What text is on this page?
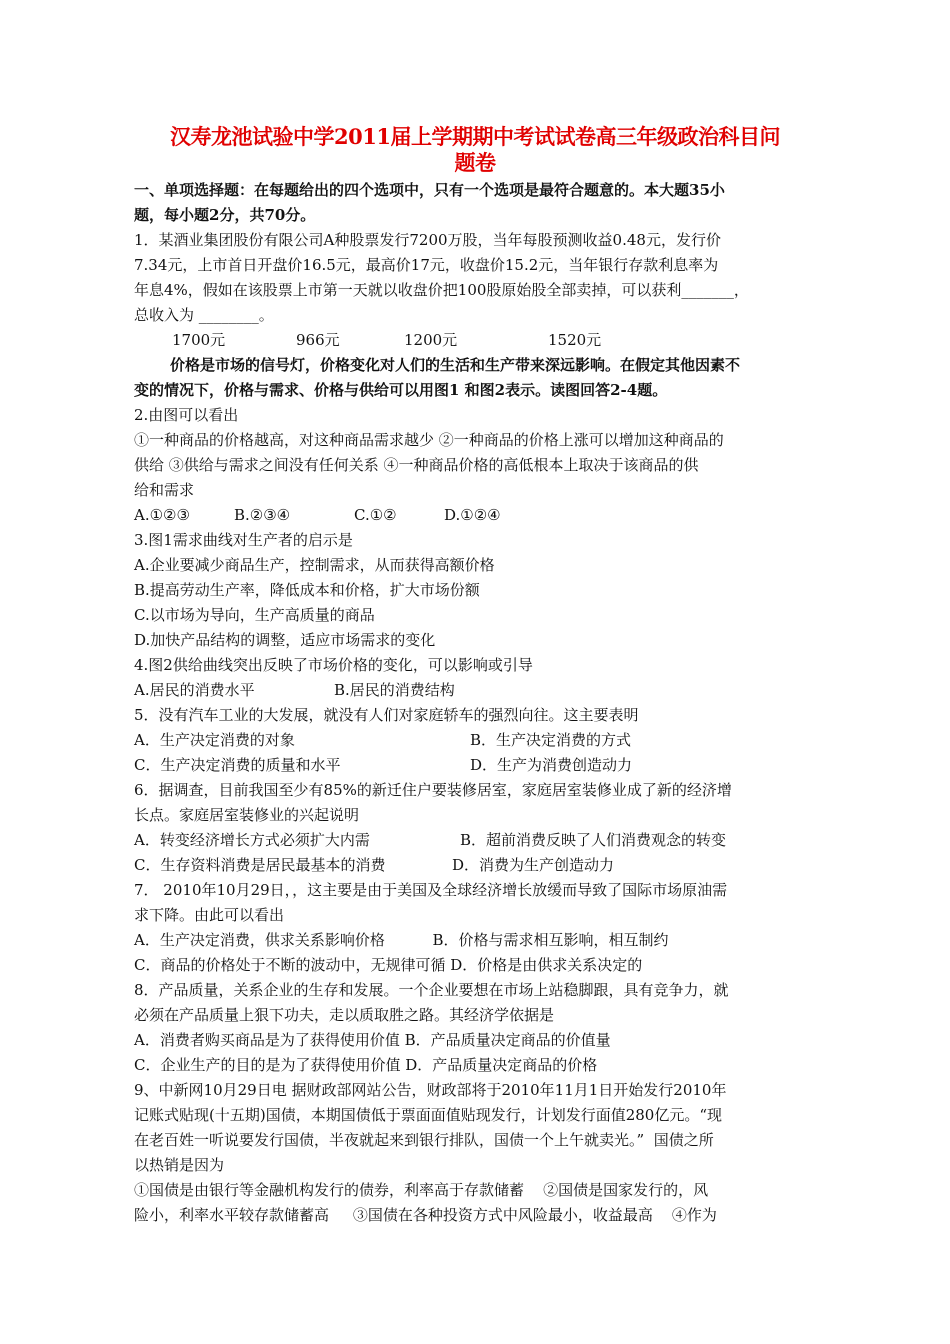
汉寿龙池试验中学2011届上学期期中考试试卷高三年级政治科目问
题卷
一、单项选择题：在每题给出的四个选项中，只有一个选项是最符合题意的。本大题35小
题，每小题2分，共70分。
1．某酒业集团股份有限公司A种股票发行7200万股，当年每股预测收益0.48元，发行价
7.34元，上市首日开盘价16.5元，最高价17元，收盘价15.2元，当年银行存款利息率为
年息4%，假如在该股票上市第一天就以收盘价把100股原始股全部卖掉，可以获利_______，
总收入为 ________。
1700元	966元	1200元	1520元
价格是市场的信号灯，价格变化对人们的生活和生产带来深远影响。在假定其他因素不
变的情况下，价格与需求、价格与供给可以用图1 和图2表示。读图回答2-4题。
2.由图可以看出
①一种商品的价格越高，对这种商品需求越少 ②一种商品的价格上涨可以增加这种商品的
供给 ③供给与需求之间没有任何关系 ④一种商品价格的高低根本上取决于该商品的供
给和需求
A.①②③	B.②③④	C.①②	D.①②④
3.图1需求曲线对生产者的启示是
A.企业要减少商品生产，控制需求，从而获得高额价格
B.提高劳动生产率，降低成本和价格，扩大市场份额
C.以市场为导向，生产高质量的商品
D.加快产品结构的调整，适应市场需求的变化
4.图2供给曲线突出反映了市场价格的变化，可以影响或引导
A.居民的消费水平	B.居民的消费结构
5．没有汽车工业的大发展，就没有人们对家庭轿车的强烈向往。这主要表明
A．生产决定消费的对象	B．生产决定消费的方式
C．生产决定消费的质量和水平	D．生产为消费创造动力
6．据调查，目前我国至少有85%的新迁住户要装修居室，家庭居室装修业成了新的经济增
长点。家庭居室装修业的兴起说明
A．转变经济增长方式必须扩大内需	B．超前消费反映了人们消费观念的转变
C．生存资料消费是居民最基本的消费	D．消费为生产创造动力
7． 2010年10月29日，，这主要是由于美国及全球经济增长放缓而导致了国际市场原油需
求下降。由此可以看出
A．生产决定消费，供求关系影响价格          B．价格与需求相互影响，相互制约
C．商品的价格处于不断的波动中，无规律可循 D．价格是由供求关系决定的
8．产品质量，关系企业的生存和发展。一个企业要想在市场上站稳脚跟，具有竞争力，就
必须在产品质量上狠下功夫，走以质取胜之路。其经济学依据是
A．消费者购买商品是为了获得使用价值 B．产品质量决定商品的价值量
C．企业生产的目的是为了获得使用价值 D．产品质量决定商品的价格
9、中新网10月29日电 据财政部网站公告，财政部将于2010年11月1日开始发行2010年
记账式贴现(十五期)国债，本期国债低于票面面值贴现发行，计划发行面值280亿元。“现
在老百姓一听说要发行国债，半夜就起来到银行排队，国债一个上午就卖光。”  国债之所
以热销是因为
①国债是由银行等金融机构发行的债券，利率高于存款储蓄    ②国债是国家发行的，风
险小，利率水平较存款储蓄高     ③国债在各种投资方式中风险最小，收益最高    ④作为
